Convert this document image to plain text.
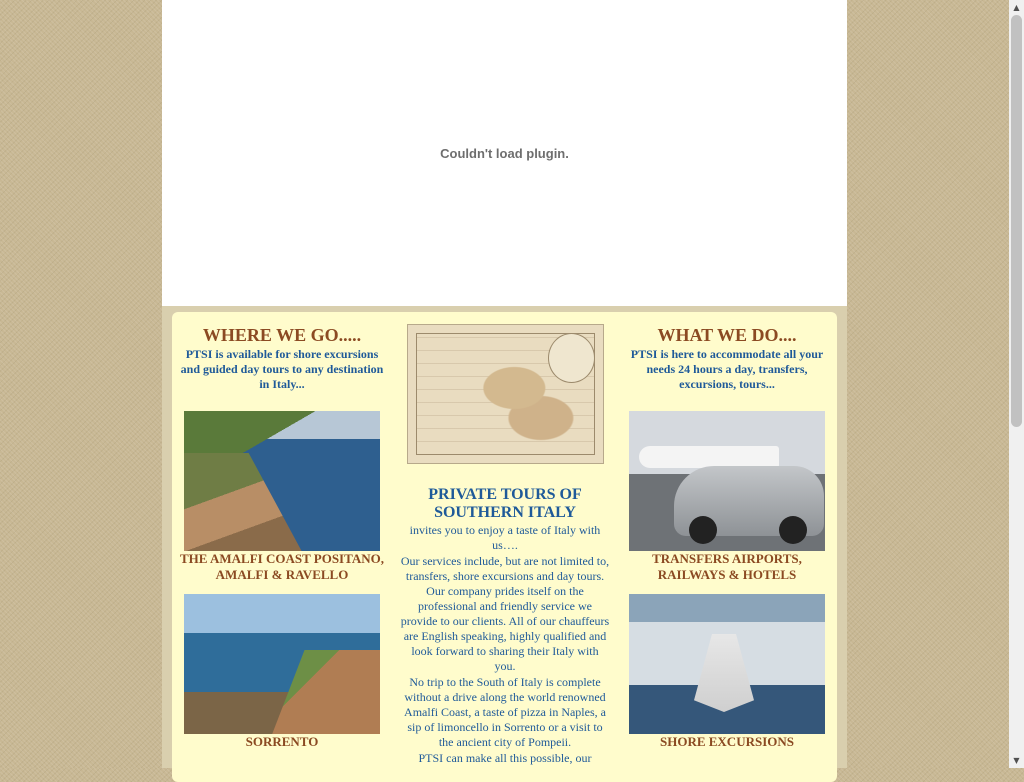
Couldn't load plugin.
WHERE WE GO.....
PTSI is available for shore excursions and guided day tours to any destination in Italy...
THE AMALFI COAST POSITANO, AMALFI & RAVELLO
SORRENTO
PRIVATE TOURS OF SOUTHERN ITALY
invites you to enjoy a taste of Italy with us….
Our services include, but are not limited to, transfers, shore excursions and day tours. Our company prides itself on the professional and friendly service we provide to our clients. All of our chauffeurs are English speaking, highly qualified and look forward to sharing their Italy with you.
No trip to the South of Italy is complete without a drive along the world renowned Amalfi Coast, a taste of pizza in Naples, a sip of limoncello in Sorrento or a visit to the ancient city of Pompeii.
PTSI can make all this possible, our
WHAT WE DO....
PTSI is here to accommodate all your needs 24 hours a day, transfers, excursions, tours...
TRANSFERS AIRPORTS, RAILWAYS & HOTELS
SHORE EXCURSIONS
▲
▼
